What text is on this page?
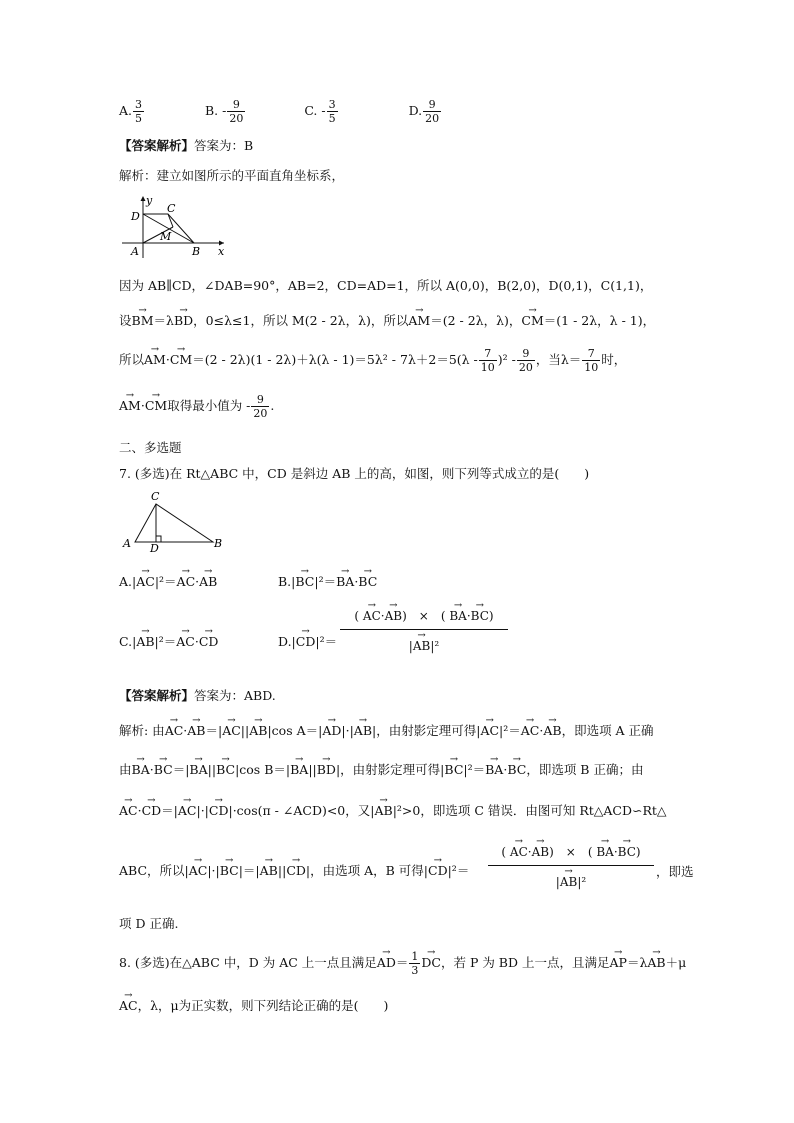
A. $\frac{3}{5}$	B. - $\frac{9}{20}$	C. - $\frac{3}{5}$	D. $\frac{9}{20}$
【答案解析】答案为：B
解析：建立如图所示的平面直角坐标系，
y
D
C
M
A	B x
因为 AB∥CD，∠DAB=90°，AB=2，CD=AD=1，所以 A(0,0)，B(2,0)，D(0,1)，C(1,1)，
设→ BM＝λ→ BD，0≤λ≤1，所以 M(2 - 2λ，λ)，所以→ AM＝(2 - 2λ，λ)，→ CM＝(1 - 2λ，λ - 1)，
所以→ $AM\cdot\to CM=(2 - 2\lambda)(1 - 2\lambda)+\lambda(\lambda - 1)=5\lambda^2 - 7\lambda+2=5(\lambda - \frac{7}{10} )^2 - \frac{9}{20}$ ，当$\lambda= \frac{7}{10}$ 时，
→ AM·→ CM取得最小值为 - $\frac{9}{20}$ .
二、多选题
7. (多选)在 Rt△ABC 中，CD 是斜边 AB 上的高，如图，则下列等式成立的是(　　)
C
A D	B
A.|→ AC|²＝→ AC·→ AB	B.|→ BC|²＝→ BA·→ BC
C.|→ AB|²＝→ AC·→ CD	$D.|\to CD|^2= \frac{( \to AC\cdot\to AB) \times ( \to BA\cdot\to BC)}{\text{|→ AB|²}}$
【答案解析】答案为：ABD.
解析: 由→ AC·→ AB＝|→ AC||→ AB|cos A＝|→ AD|·|→ AB|，由射影定理可得|→ AC|²＝→ AC·→ AB，即选项 A 正确
由→ BA·→ BC＝|→ BA||→ BC|cos B＝|→ BA||→ BD|，由射影定理可得|→ BC|²＝→ BA·→ BC，即选项 B 正确；由
→ AC·→ CD＝|→ AC|·|→ CD|·cos(π - ∠ACD)<0，又|→ AB|²>0，即选项 C 错误．由图可知 Rt△ACD∽Rt△
ABC，所以|→ AC|·|→ BC|＝|→ AB||→ CD|，由选项 A，B 可得|→ $CD|^2= \frac{( \to AC\cdot\to AB) \times ( \to BA\cdot\to BC)}{\text{|→ AB|²}}$ ，即选
项 D 正确.
8. (多选)在△ABC 中，D 为 AC 上一点且满足→ $AD= \frac{1}{3}$ → DC，若 P 为 BD 上一点，且满足→ AP＝λ→ AB＋μ
→ AC，λ，μ为正实数，则下列结论正确的是(　　)
